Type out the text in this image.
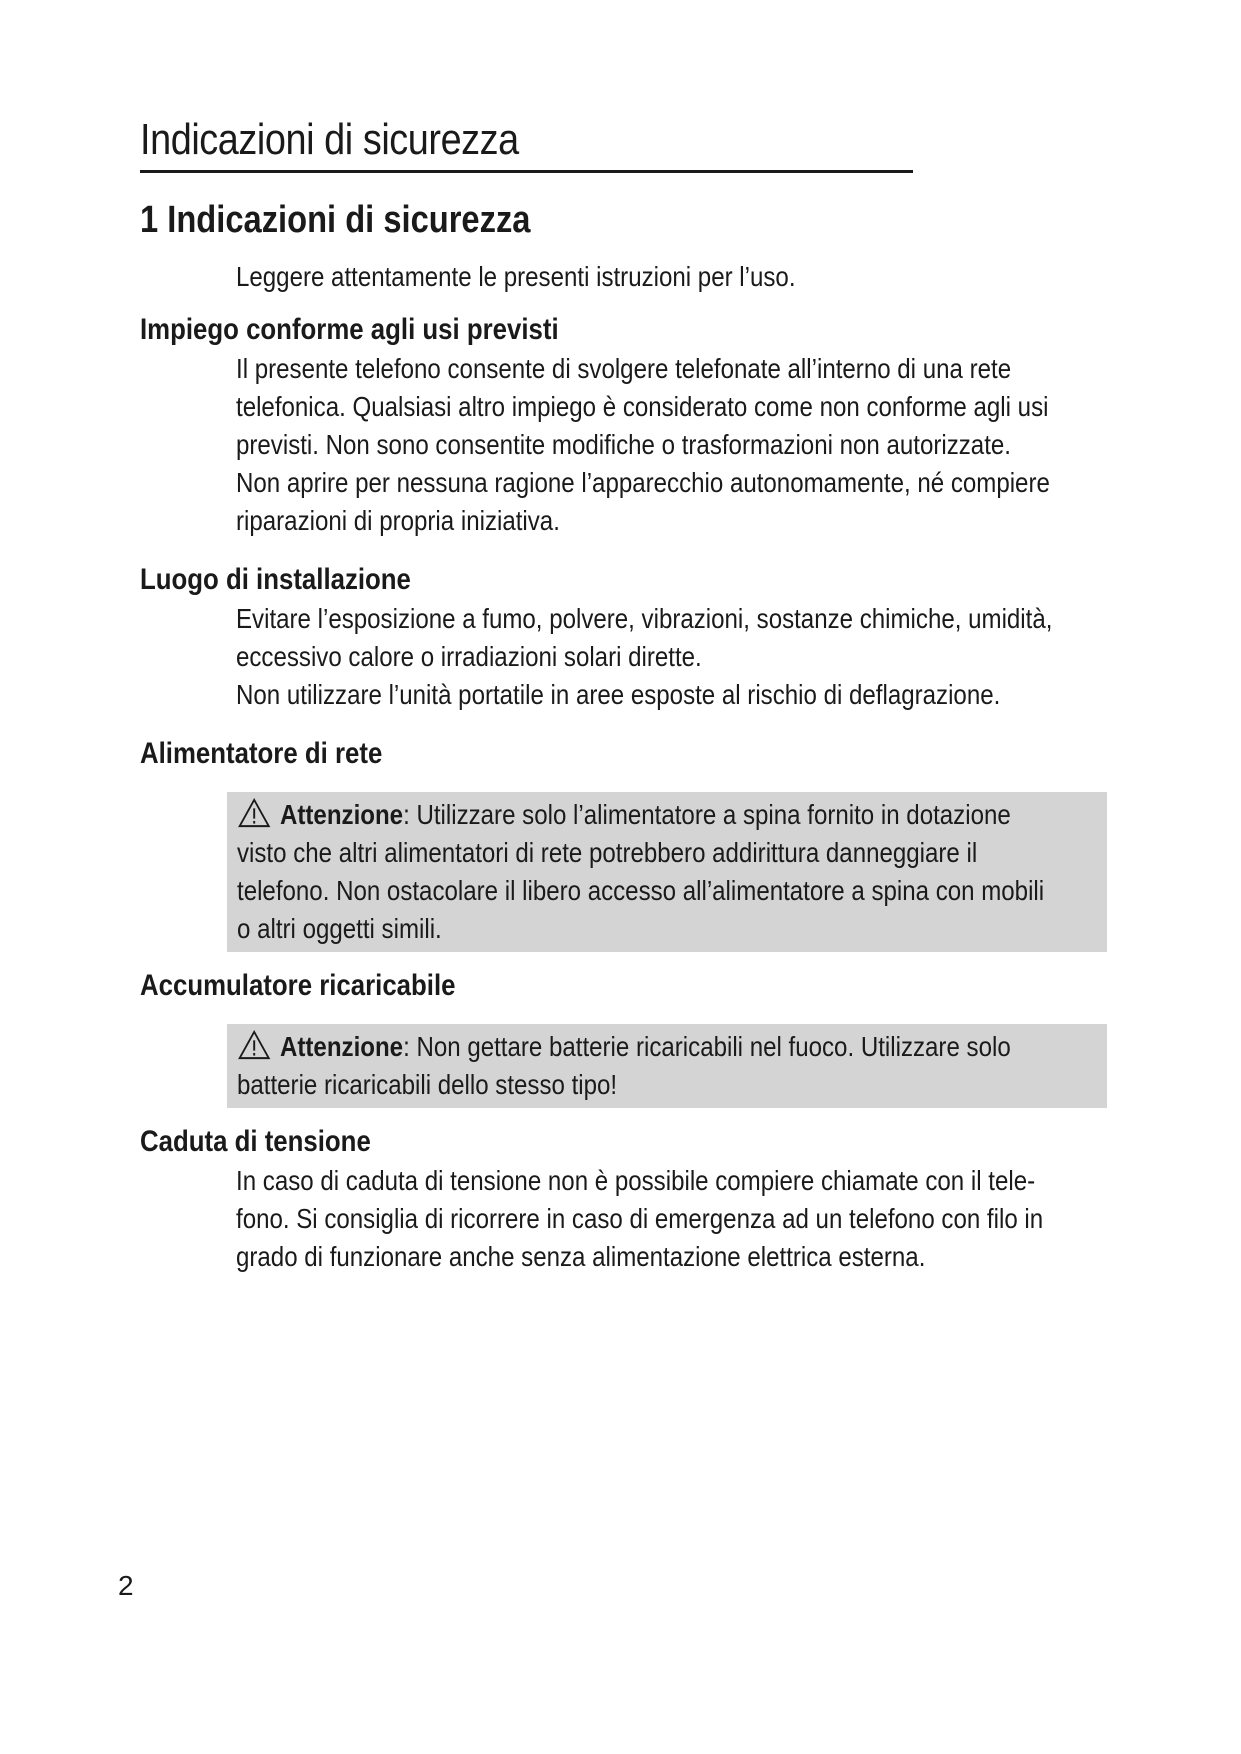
Indicazioni di sicurezza
1 Indicazioni di sicurezza

Leggere attentamente le presenti istruzioni per l’uso.

Impiego conforme agli usi previsti

Il presente telefono consente di svolgere telefonate all’interno di una rete

telefonica. Qualsiasi altro impiego è considerato come non conforme agli usi

previsti. Non sono consentite modifiche o trasformazioni non autorizzate.

Non aprire per nessuna ragione l’apparecchio autonomamente, né compiere

riparazioni di propria iniziativa.

Luogo di installazione

Evitare l’esposizione a fumo, polvere, vibrazioni, sostanze chimiche, umidità,

eccessivo calore o irradiazioni solari dirette.

Non utilizzare l’unità portatile in aree esposte al rischio di deflagrazione.

Alimentatore di rete

Attenzione: Utilizzare solo l’alimentatore a spina fornito in dotazione

visto che altri alimentatori di rete potrebbero addirittura danneggiare il

telefono. Non ostacolare il libero accesso all’alimentatore a spina con mobili

o altri oggetti simili.

Accumulatore ricaricabile

Attenzione: Non gettare batterie ricaricabili nel fuoco. Utilizzare solo

batterie ricaricabili dello stesso tipo!

Caduta di tensione

In caso di caduta di tensione non è possibile compiere chiamate con il tele-

fono. Si consiglia di ricorrere in caso di emergenza ad un telefono con filo in

grado di funzionare anche senza alimentazione elettrica esterna.

2
